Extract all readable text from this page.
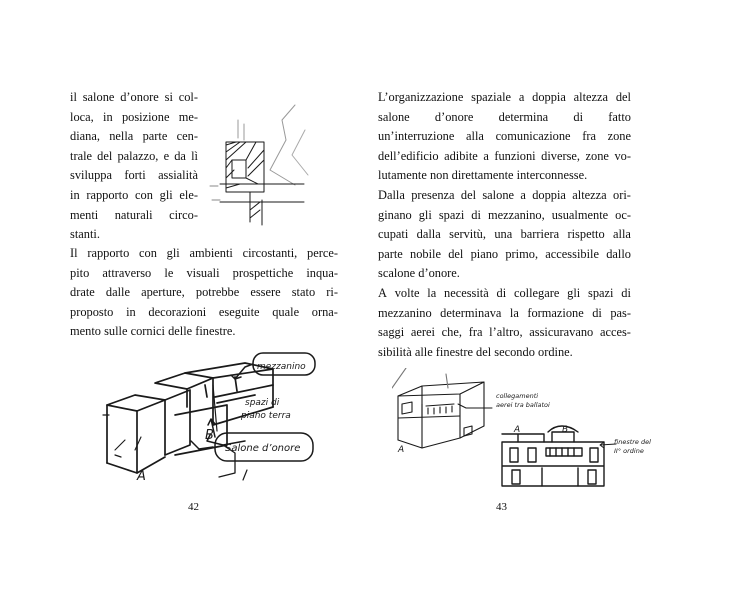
il salone d’onore si col-
loca, in posizione me-
diana, nella parte cen-
trale del palazzo, e da lì
sviluppa forti assialità
in rapporto con gli ele-
menti naturali circo-
stanti.
Il rapporto con gli ambienti circostanti, perce-
pito attraverso le visuali prospettiche inqua-
drate dalle aperture, potrebbe essere stato ri-
proposto in decorazioni eseguite quale orna-
mento sulle cornici delle finestre.
mezzanino
spazi di
piano terra
Salone d’onore
A
B
42
L’organizzazione spaziale a doppia altezza del
salone d’onore determina di fatto
un’interruzione alla comunicazione fra zone
dell’edificio adibite a funzioni diverse, zone vo-
lutamente non direttamente interconnesse.
Dalla presenza del salone a doppia altezza ori-
ginano gli spazi di mezzanino, usualmente oc-
cupati dalla servitù, una barriera rispetto alla
parte nobile del piano primo, accessibile dallo
scalone d’onore.
A volte la necessità di collegare gli spazi di
mezzanino determinava la formazione di pas-
saggi aerei che, fra l’altro, assicuravano acces-
sibilità alle finestre del secondo ordine.
A
collegamenti
aerei tra ballatoi
A	B
finestre del
II° ordine
43
